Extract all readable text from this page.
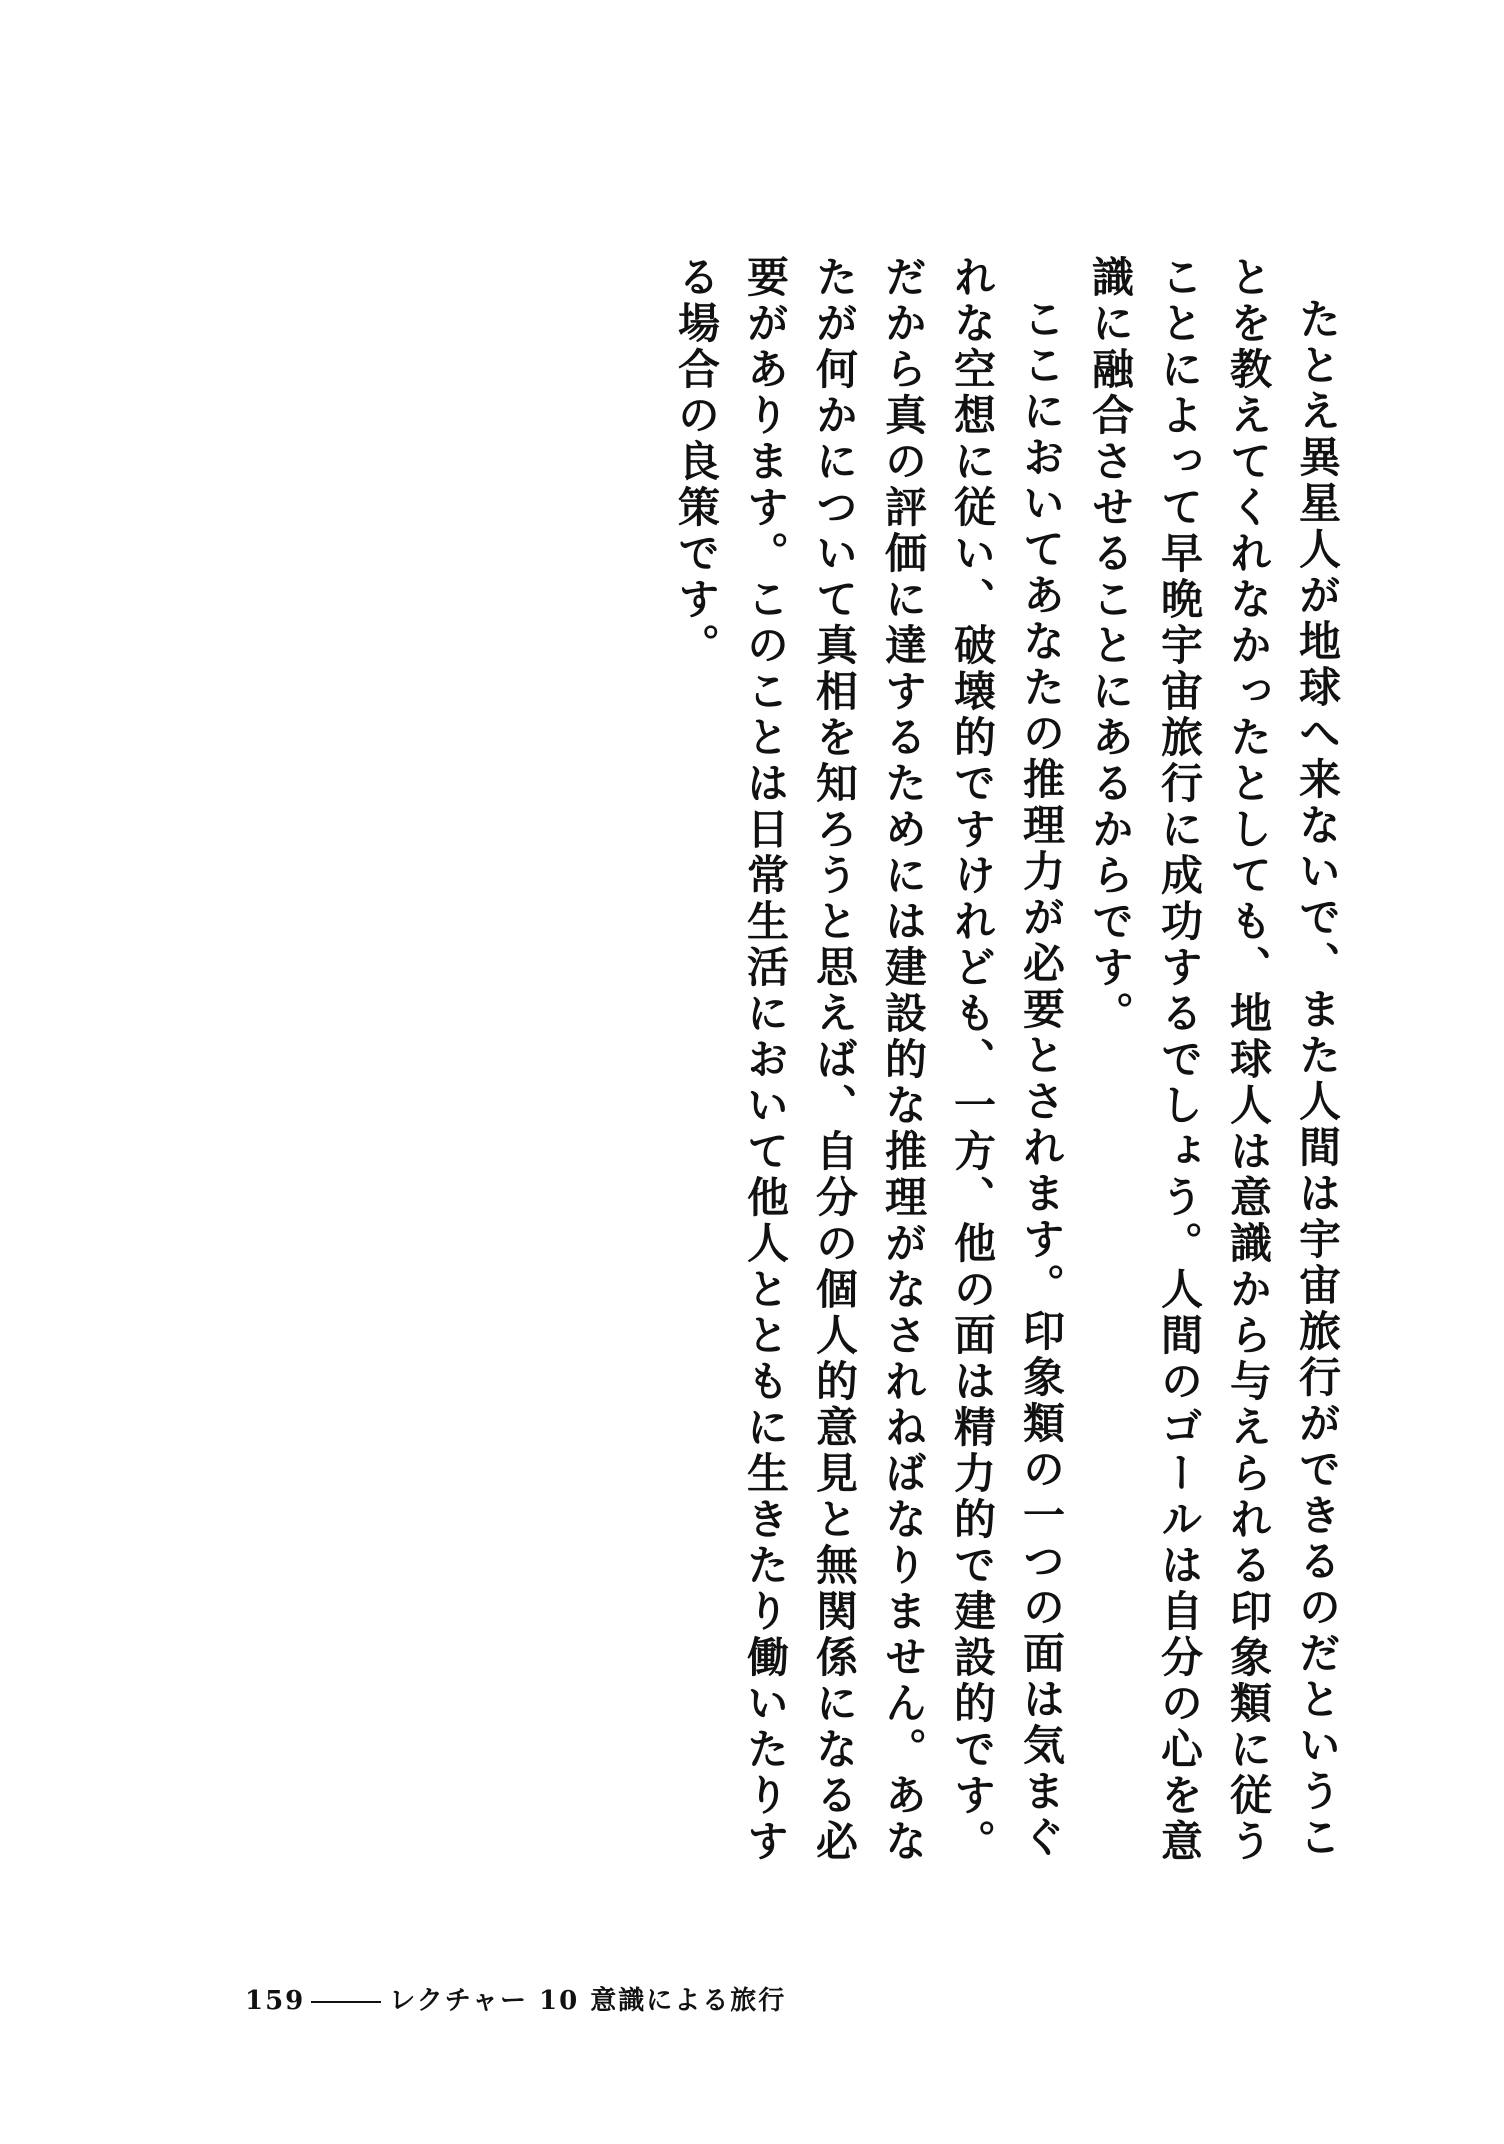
たとえ異星人が地球へ来ないで、また人間は宇宙旅行ができるのだということを教えてくれなかったとしても、地球人は意識から与えられる印象類に従うことによって早晩宇宙旅行に成功するでしょう。人間のゴールは自分の心を意識に融合させることにあるからです。

ここにおいてあなたの推理力が必要とされます。印象類の一つの面は気まぐれな空想に従い、破壊的ですけれども、一方、他の面は精力的で建設的です。だから真の評価に達するためには建設的な推理がなされねばなりません。あなたが何かについて真相を知ろうと思えば、自分の個人的意見と無関係になる必要があります。このことは日常生活において他人とともに生きたり働いたりする場合の良策です。

159	レクチャー 10 意識による旅行
